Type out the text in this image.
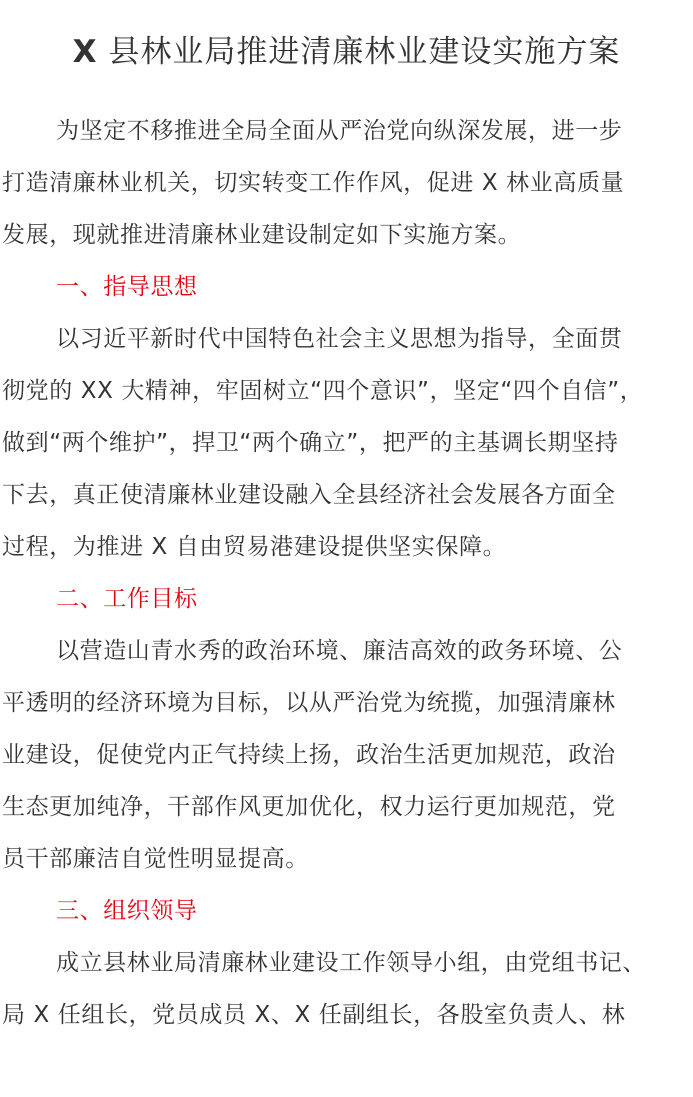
X 县林业局推进清廉林业建设实施方案
为坚定不移推进全局全面从严治党向纵深发展，进一步
打造清廉林业机关，切实转变工作作风，促进 X 林业高质量
发展，现就推进清廉林业建设制定如下实施方案。
一、指导思想
以习近平新时代中国特色社会主义思想为指导，全面贯
彻党的 XX 大精神，牢固树立“四个意识”，坚定“四个自信”，
做到“两个维护”，捍卫“两个确立”，把严的主基调长期坚持
下去，真正使清廉林业建设融入全县经济社会发展各方面全
过程，为推进 X 自由贸易港建设提供坚实保障。
二、工作目标
以营造山青水秀的政治环境、廉洁高效的政务环境、公
平透明的经济环境为目标，以从严治党为统揽，加强清廉林
业建设，促使党内正气持续上扬，政治生活更加规范，政治
生态更加纯净，干部作风更加优化，权力运行更加规范，党
员干部廉洁自觉性明显提高。
三、组织领导
成立县林业局清廉林业建设工作领导小组，由党组书记、
局 X 任组长，党员成员 X、X 任副组长，各股室负责人、林
